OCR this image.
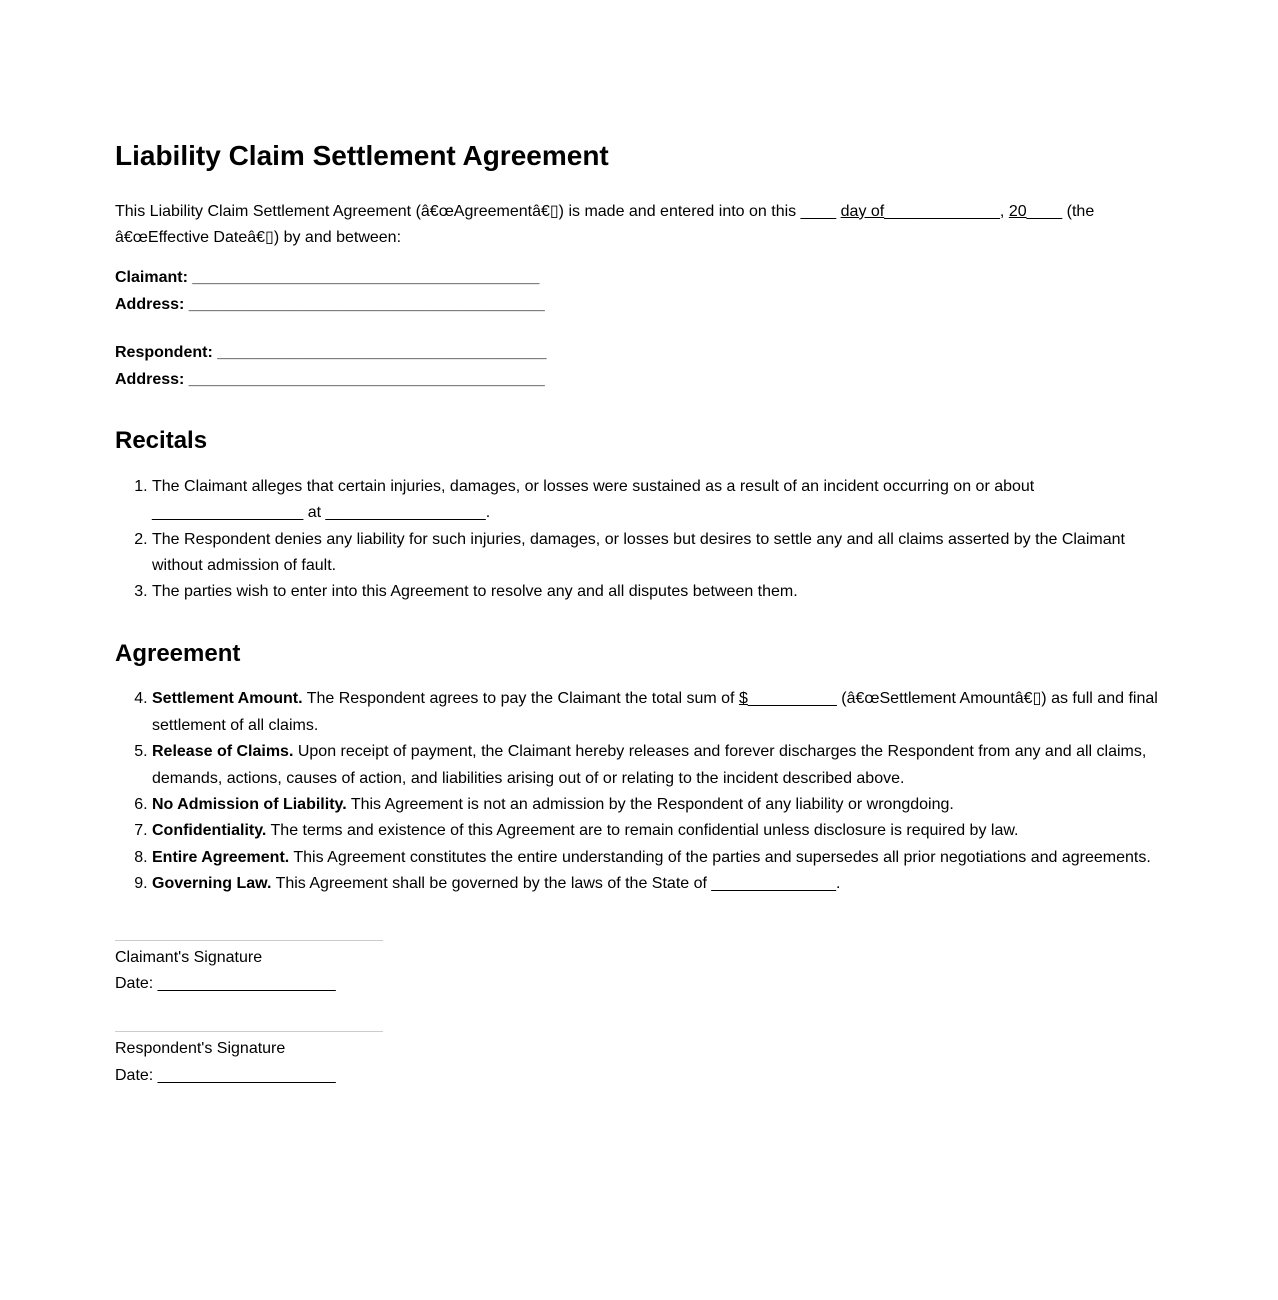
Liability Claim Settlement Agreement

This Liability Claim Settlement Agreement (â€œAgreementâ€▯) is made and entered into on this ____ day of_____________, 20____ (the â€œEffective Dateâ€▯) by and between:

Claimant: _______________________________________
Address: ________________________________________
Respondent: _____________________________________
Address: ________________________________________
Recitals
1. The Claimant alleges that certain injuries, damages, or losses were sustained as a result of an incident occurring on or about _________________ at __________________.
2. The Respondent denies any liability for such injuries, damages, or losses but desires to settle any and all claims asserted by the Claimant without admission of fault.
3. The parties wish to enter into this Agreement to resolve any and all disputes between them.
Agreement
4. Settlement Amount. The Respondent agrees to pay the Claimant the total sum of $__________ (â€œSettlement Amountâ€▯) as full and final settlement of all claims.
5. Release of Claims. Upon receipt of payment, the Claimant hereby releases and forever discharges the Respondent from any and all claims, demands, actions, causes of action, and liabilities arising out of or relating to the incident described above.
6. No Admission of Liability. This Agreement is not an admission by the Respondent of any liability or wrongdoing.
7. Confidentiality. The terms and existence of this Agreement are to remain confidential unless disclosure is required by law.
8. Entire Agreement. This Agreement constitutes the entire understanding of the parties and supersedes all prior negotiations and agreements.
9. Governing Law. This Agreement shall be governed by the laws of the State of ______________.
Claimant's Signature
Date: ____________________
Respondent's Signature
Date: ____________________
